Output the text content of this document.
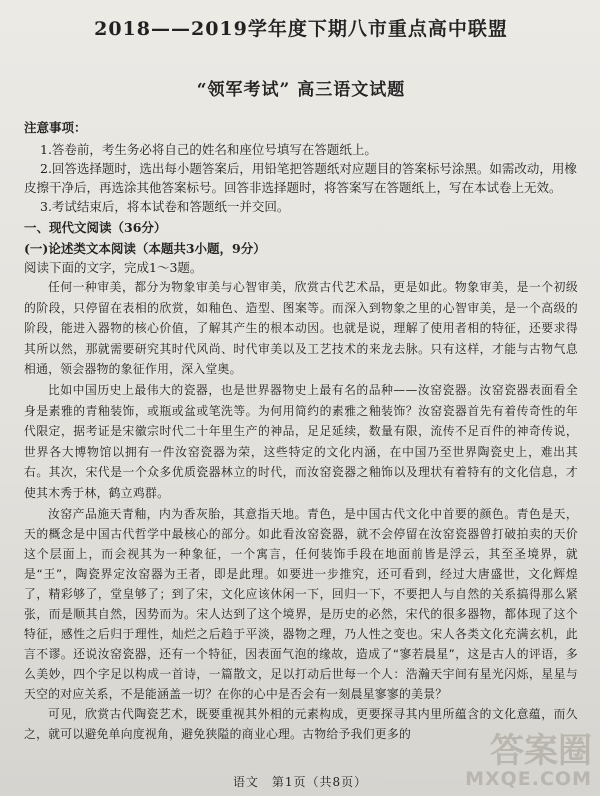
2018——2019学年度下期八市重点高中联盟
“领军考试” 高三语文试题

注意事项：

1.答卷前，考生务必将自己的姓名和座位号填写在答题纸上。

2.回答选择题时，选出每小题答案后，用铅笔把答题纸对应题目的答案标号涂黑。如需改动，用橡皮擦干净后，再选涂其他答案标号。回答非选择题时，将答案写在答题纸上，写在本试卷上无效。

3.考试结束后，将本试卷和答题纸一并交回。

一、现代文阅读（36分）

(一)论述类文本阅读（本题共3小题，9分）

阅读下面的文字，完成1～3题。

任何一种审美，都分为物象审美与心智审美，欣赏古代艺术品，更是如此。物象审美，是一个初级的阶段，只停留在表相的欣赏，如釉色、造型、图案等。而深入到物象之里的心智审美，是一个高级的阶段，能进入器物的核心价值，了解其产生的根本动因。也就是说，理解了使用者相的特征，还要求得其所以然，那就需要研究其时代风尚、时代审美以及工艺技术的来龙去脉。只有这样，才能与古物气息相通，领会器物的象征作用，深入堂奥。

比如中国历史上最伟大的瓷器，也是世界器物史上最有名的品种——汝窑瓷器。汝窑瓷器表面看全身是素雅的青釉装饰，或瓶或盆或笔洗等。为何用简约的素雅之釉装饰？汝窑瓷器首先有着传奇性的年代限定，据考证是宋徽宗时代二十年里生产的神品，足足延续，数量有限，流传不足百件的神奇传说，世界各大博物馆以拥有一件汝窑瓷器为荣，这些特定的文化内涵，在中国乃至世界陶瓷史上，难出其右。其次，宋代是一个众多优质瓷器林立的时代，而汝窑瓷器之釉饰以及理状有着特有的文化信息，才使其木秀于林，鹤立鸡群。

汝窑产品施天青釉，内为香灰胎，其意指天地。青色，是中国古代文化中首要的颜色。青色是天，天的概念是中国古代哲学中最核心的部分。如此看汝窑瓷器，就不会停留在汝窑瓷器曾打破拍卖的天价这个层面上，而会视其为一种象征，一个寓言，任何装饰手段在地面前皆是浮云，其至圣境界，就是“王”，陶瓷界定汝窑器为王者，即是此理。如要进一步推究，还可看到，经过大唐盛世，文化辉煌了，精彩够了，堂皇够了；到了宋，文化应该休闲一下，回归一下，不要把人与自然的关系搞得那么紧张，而是顺其自然，因势而为。宋人达到了这个境界，是历史的必然，宋代的很多器物，都体现了这个特征，感性之后归于理性，灿烂之后趋于平淡，器物之理，乃人性之变也。宋人各类文化充满玄机，此言不谬。还说汝窑瓷器，还有一个特征，因表面气泡的缘故，造成了“寥若晨星”，这是古人的评语，多么美妙，四个字足以构成一首诗，一篇散文，足以打动后世每一个人：浩瀚天宇间有星光闪烁，星星与天空的对应关系，不是能涵盖一切？在你的心中是否会有一刻晨星寥寥的美景？

可见，欣赏古代陶瓷艺术，既要重视其外相的元素构成，更要探寻其内里所蕴含的文化意蕴，而久之，就可以避免单向度视角，避免狭隘的商业心理。古物给予我们更多的

语文　第1页（共8页）
答案圈
MXQE.COM
